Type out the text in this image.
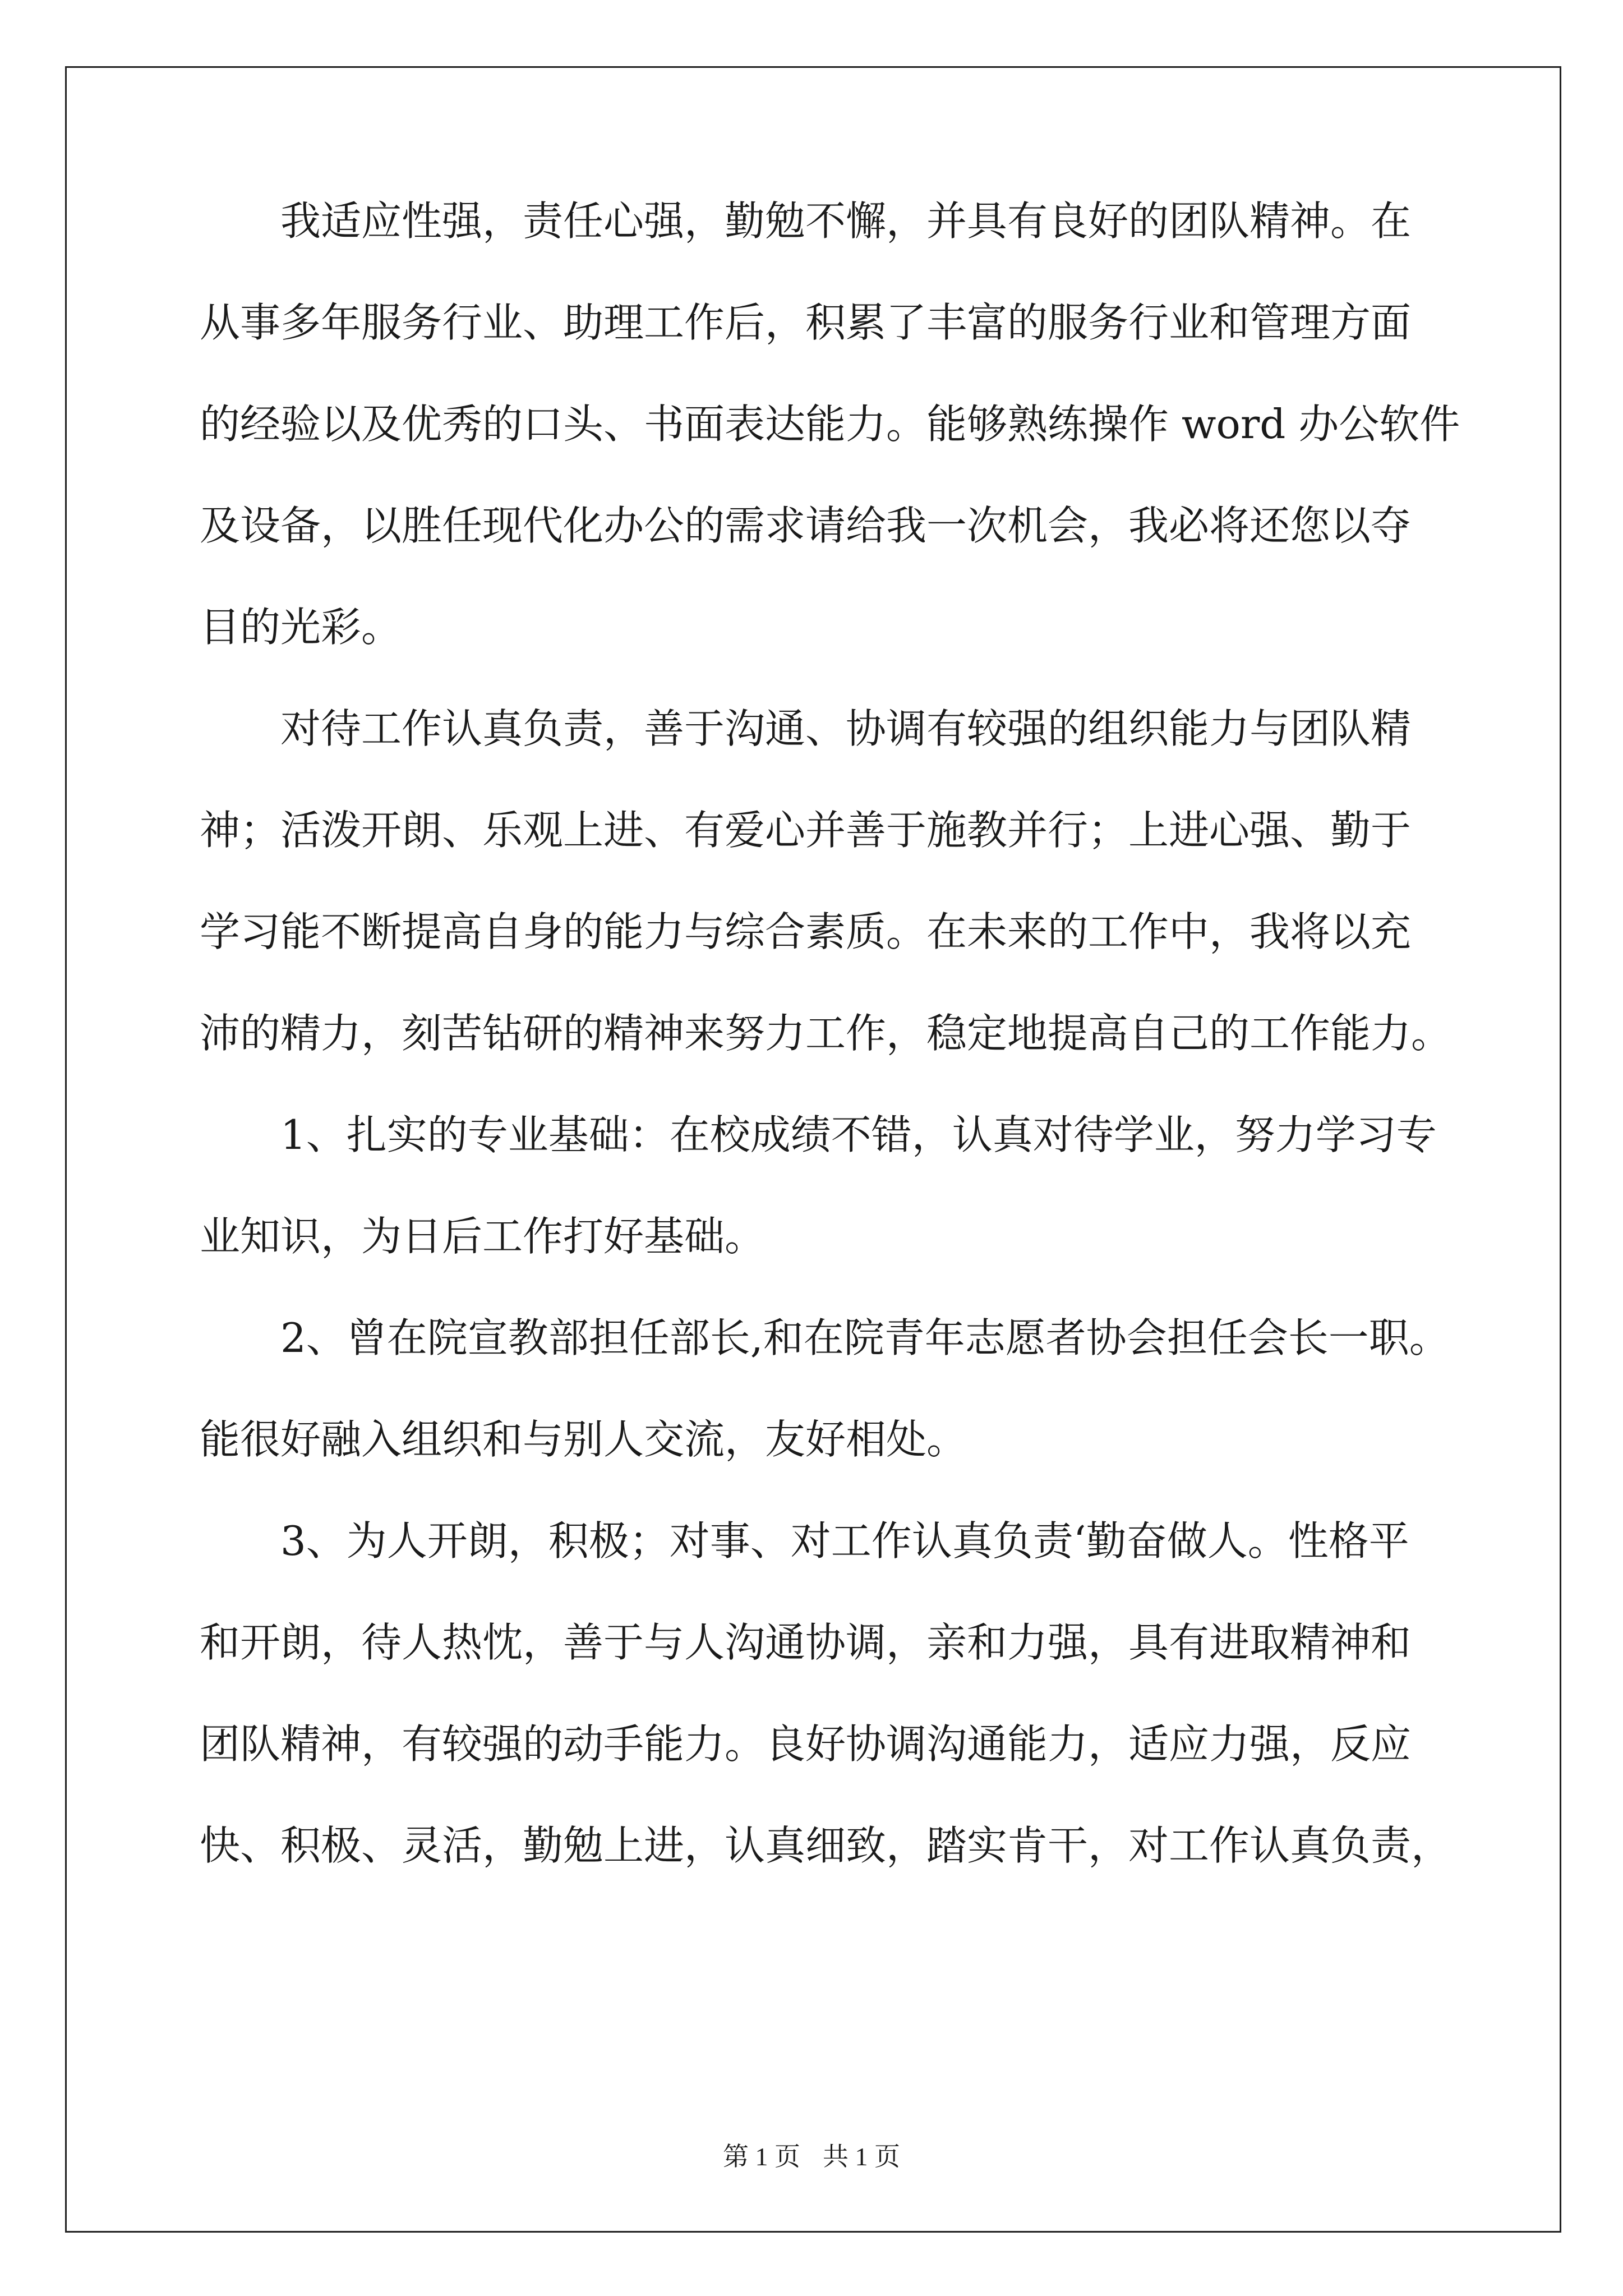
我适应性强，责任心强，勤勉不懈，并具有良好的团队精神。在
从事多年服务行业、助理工作后，积累了丰富的服务行业和管理方面
的经验以及优秀的口头、书面表达能力。能够熟练操作 word 办公软件
及设备，以胜任现代化办公的需求请给我一次机会，我必将还您以夺
目的光彩。
对待工作认真负责，善于沟通、协调有较强的组织能力与团队精
神；活泼开朗、乐观上进、有爱心并善于施教并行；上进心强、勤于
学习能不断提高自身的能力与综合素质。在未来的工作中，我将以充
沛的精力，刻苦钻研的精神来努力工作，稳定地提高自己的工作能力。
1、扎实的专业基础：在校成绩不错，认真对待学业，努力学习专
业知识，为日后工作打好基础。
2、曾在院宣教部担任部长,和在院青年志愿者协会担任会长一职。
能很好融入组织和与别人交流，友好相处。
3、为人开朗，积极；对事、对工作认真负责‘勤奋做人。性格平
和开朗，待人热忱，善于与人沟通协调，亲和力强，具有进取精神和
团队精神，有较强的动手能力。良好协调沟通能力，适应力强，反应
快、积极、灵活，勤勉上进，认真细致，踏实肯干，对工作认真负责，
第 1 页 共 1 页
